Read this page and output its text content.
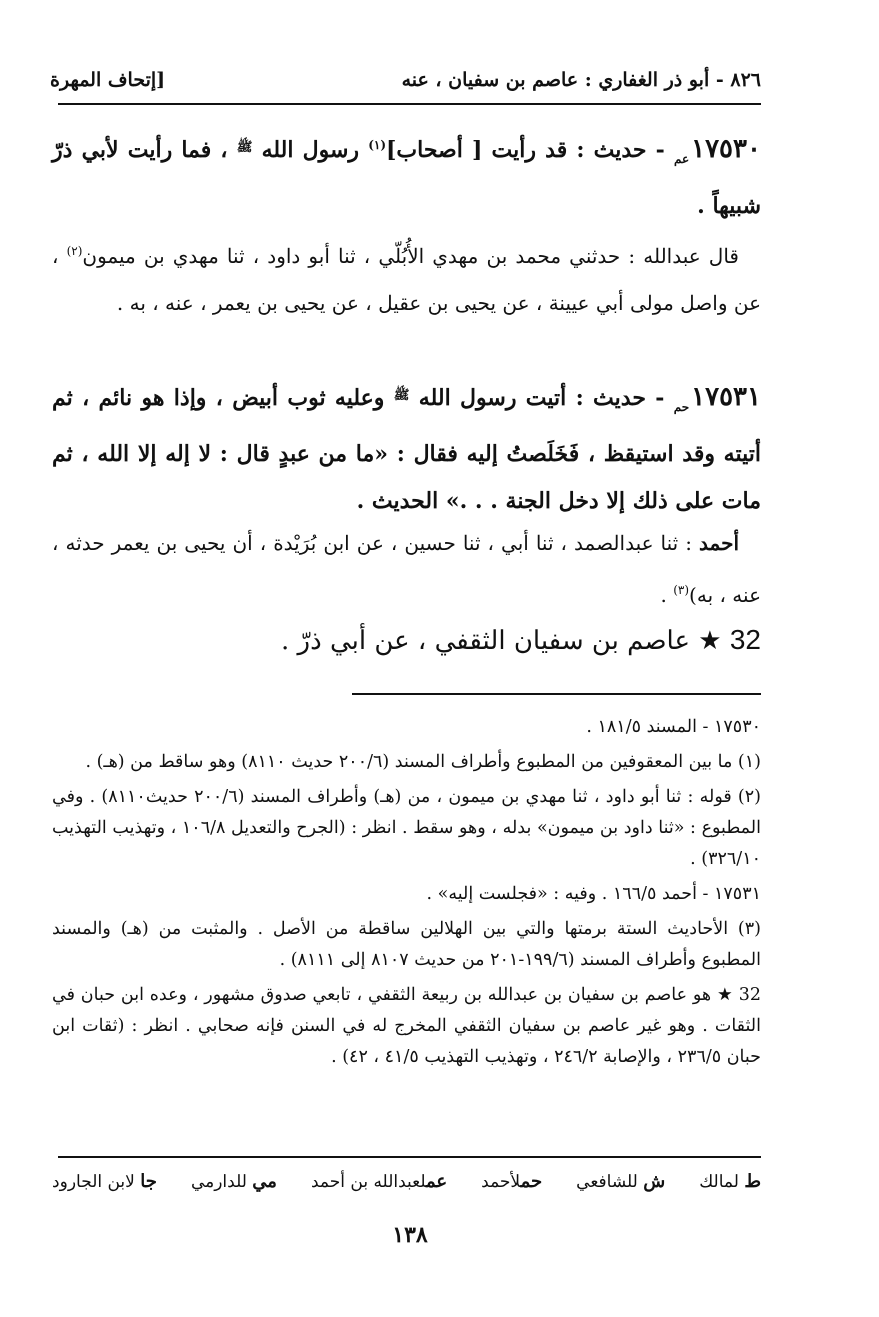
[إتحاف المهرة	٨٢٦ - أبو ذر الغفاري : عاصم بن سفيان ، عنه
$١٧٥٣٠_{عم}$ - حديث : قد رأيت [ أصحاب]$^{(١)}$ رسول الله $^ﷺ$ ، فما رأيت لأبي ذرّ شبيهاً .
قال عبدالله : حدثني محمد بن مهدي الأُبُلّي ، ثنا أبو داود ، ثنا مهدي بن ميمون$^{(٢)}$ ، عن واصل مولى أبي عيينة ، عن يحيى بن عقيل ، عن يحيى بن يعمر ، عنه ، به .
$١٧٥٣١_{حم}$ - حديث : أتيت رسول الله $^ﷺ$ وعليه ثوب أبيض ، وإذا هو نائم ، ثم أتيته وقد استيقظ ، فَخَلَصتُ إليه فقال : «ما من عبدٍ قال : لا إله إلا الله ، ثم مات على ذلك إلا دخل الجنة . . .» الحديث .
أحمد : ثنا عبدالصمد ، ثنا أبي ، ثنا حسين ، عن ابن بُرَيْدة ، أن يحيى بن يعمر حدثه ، عنه ، به)$^{(٣)}$ .
32 ★ عاصم بن سفيان الثقفي ، عن أبي ذرّ .

١٧٥٣٠ - المسند ١٨١/٥ .

(١) ما بين المعقوفين من المطبوع وأطراف المسند (٢٠٠/٦ حديث ٨١١٠) وهو ساقط من (هـ) .

(٢) قوله : ثنا أبو داود ، ثنا مهدي بن ميمون ، من (هـ) وأطراف المسند (٢٠٠/٦ حديث٨١١٠) . وفي المطبوع : «ثنا داود بن ميمون» بدله ، وهو سقط . انظر : (الجرح والتعديل ١٠٦/٨ ، وتهذيب التهذيب ٣٢٦/١٠) .

١٧٥٣١ - أحمد ١٦٦/٥ . وفيه : «فجلست إليه» .

(٣) الأحاديث الستة برمتها والتي بين الهلالين ساقطة من الأصل . والمثبت من (هـ) والمسند المطبوع وأطراف المسند (١٩٩/٦-٢٠١ من حديث ٨١٠٧ إلى ٨١١١) .

32 ★ هو عاصم بن سفيان بن عبدالله بن ربيعة الثقفي ، تابعي صدوق مشهور ، وعده ابن حبان في الثقات . وهو غير عاصم بن سفيان الثقفي المخرج له في السنن فإنه صحابي . انظر : (ثقات ابن حبان ٢٣٦/٥ ، والإصابة ٢٤٦/٢ ، وتهذيب التهذيب ٤١/٥ ، ٤٢) .

ط لمالك
ش للشافعي
حملأحمد
عملعبدالله بن أحمد
مي للدارمي
جا لابن الجارود
١٣٨
